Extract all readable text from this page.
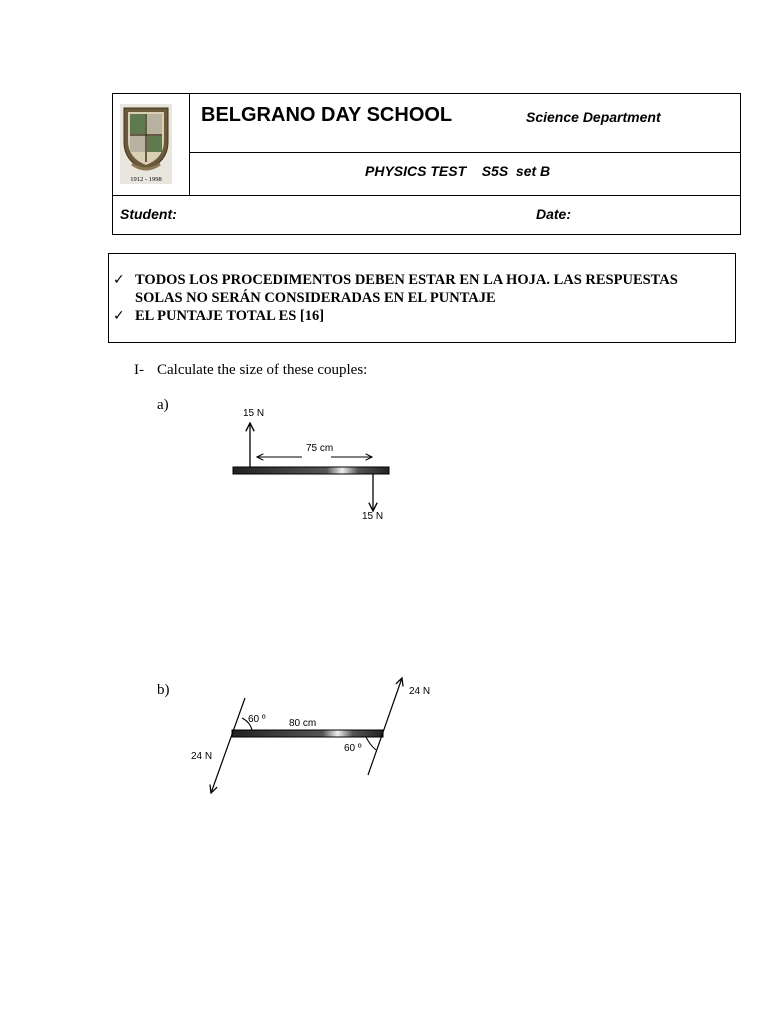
1912 - 1998
BELGRANO DAY SCHOOL	Science Department
PHYSICS TEST    S5S  set B
Student:	Date:
✓ TODOS LOS PROCEDIMENTOS DEBEN ESTAR EN LA HOJA. LAS RESPUESTAS SOLAS NO SERÁN CONSIDERADAS EN EL PUNTAJE
✓ EL PUNTAJE TOTAL ES [16]
I- Calculate the size of these couples:
a)
b)
15 N
15 N
75 cm
60 º
60 º
80 cm
24 N
24 N
